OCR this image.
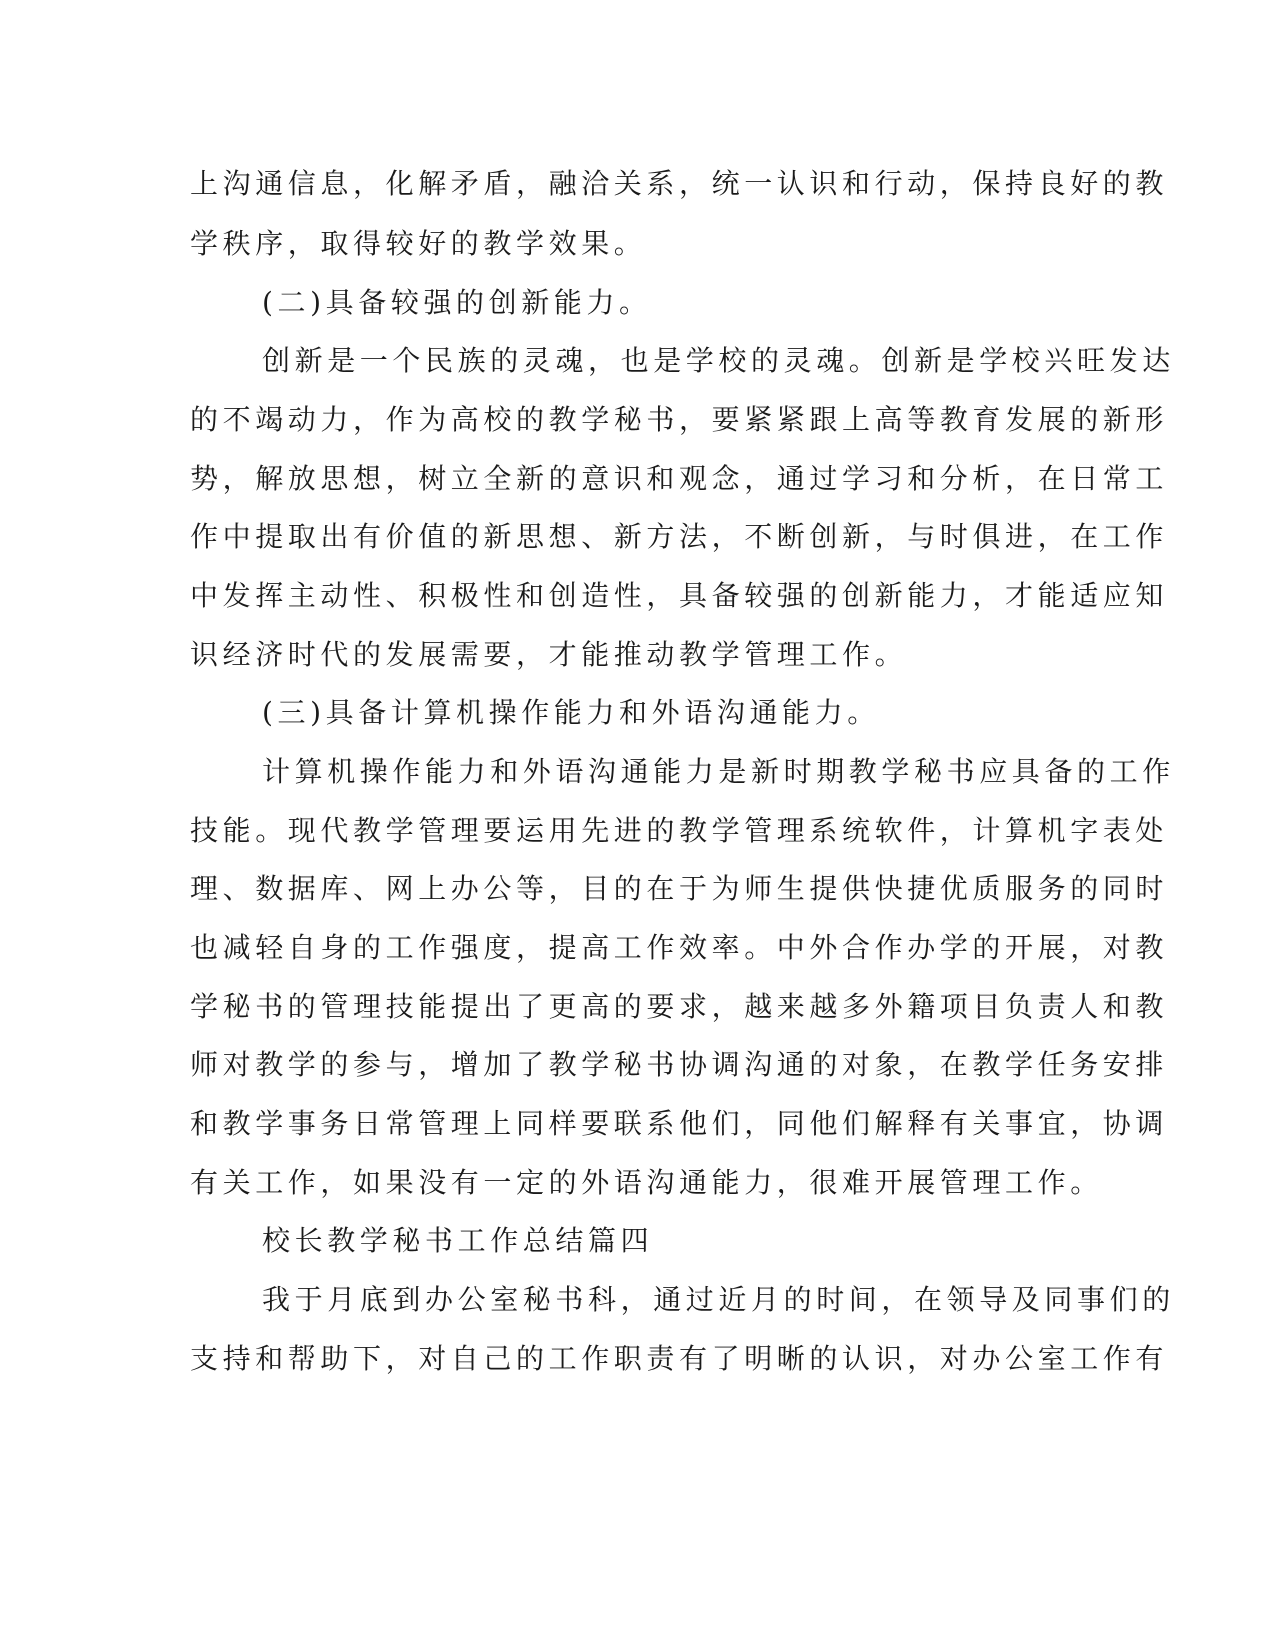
上沟通信息，化解矛盾，融洽关系，统一认识和行动，保持良好的教
学秩序，取得较好的教学效果。
(二)具备较强的创新能力。
创新是一个民族的灵魂，也是学校的灵魂。创新是学校兴旺发达
的不竭动力，作为高校的教学秘书，要紧紧跟上高等教育发展的新形
势，解放思想，树立全新的意识和观念，通过学习和分析，在日常工
作中提取出有价值的新思想、新方法，不断创新，与时俱进，在工作
中发挥主动性、积极性和创造性，具备较强的创新能力，才能适应知
识经济时代的发展需要，才能推动教学管理工作。
(三)具备计算机操作能力和外语沟通能力。
计算机操作能力和外语沟通能力是新时期教学秘书应具备的工作
技能。现代教学管理要运用先进的教学管理系统软件，计算机字表处
理、数据库、网上办公等，目的在于为师生提供快捷优质服务的同时
也减轻自身的工作强度，提高工作效率。中外合作办学的开展，对教
学秘书的管理技能提出了更高的要求，越来越多外籍项目负责人和教
师对教学的参与，增加了教学秘书协调沟通的对象，在教学任务安排
和教学事务日常管理上同样要联系他们，同他们解释有关事宜，协调
有关工作，如果没有一定的外语沟通能力，很难开展管理工作。
校长教学秘书工作总结篇四
我于月底到办公室秘书科，通过近月的时间，在领导及同事们的
支持和帮助下，对自己的工作职责有了明晰的认识，对办公室工作有
